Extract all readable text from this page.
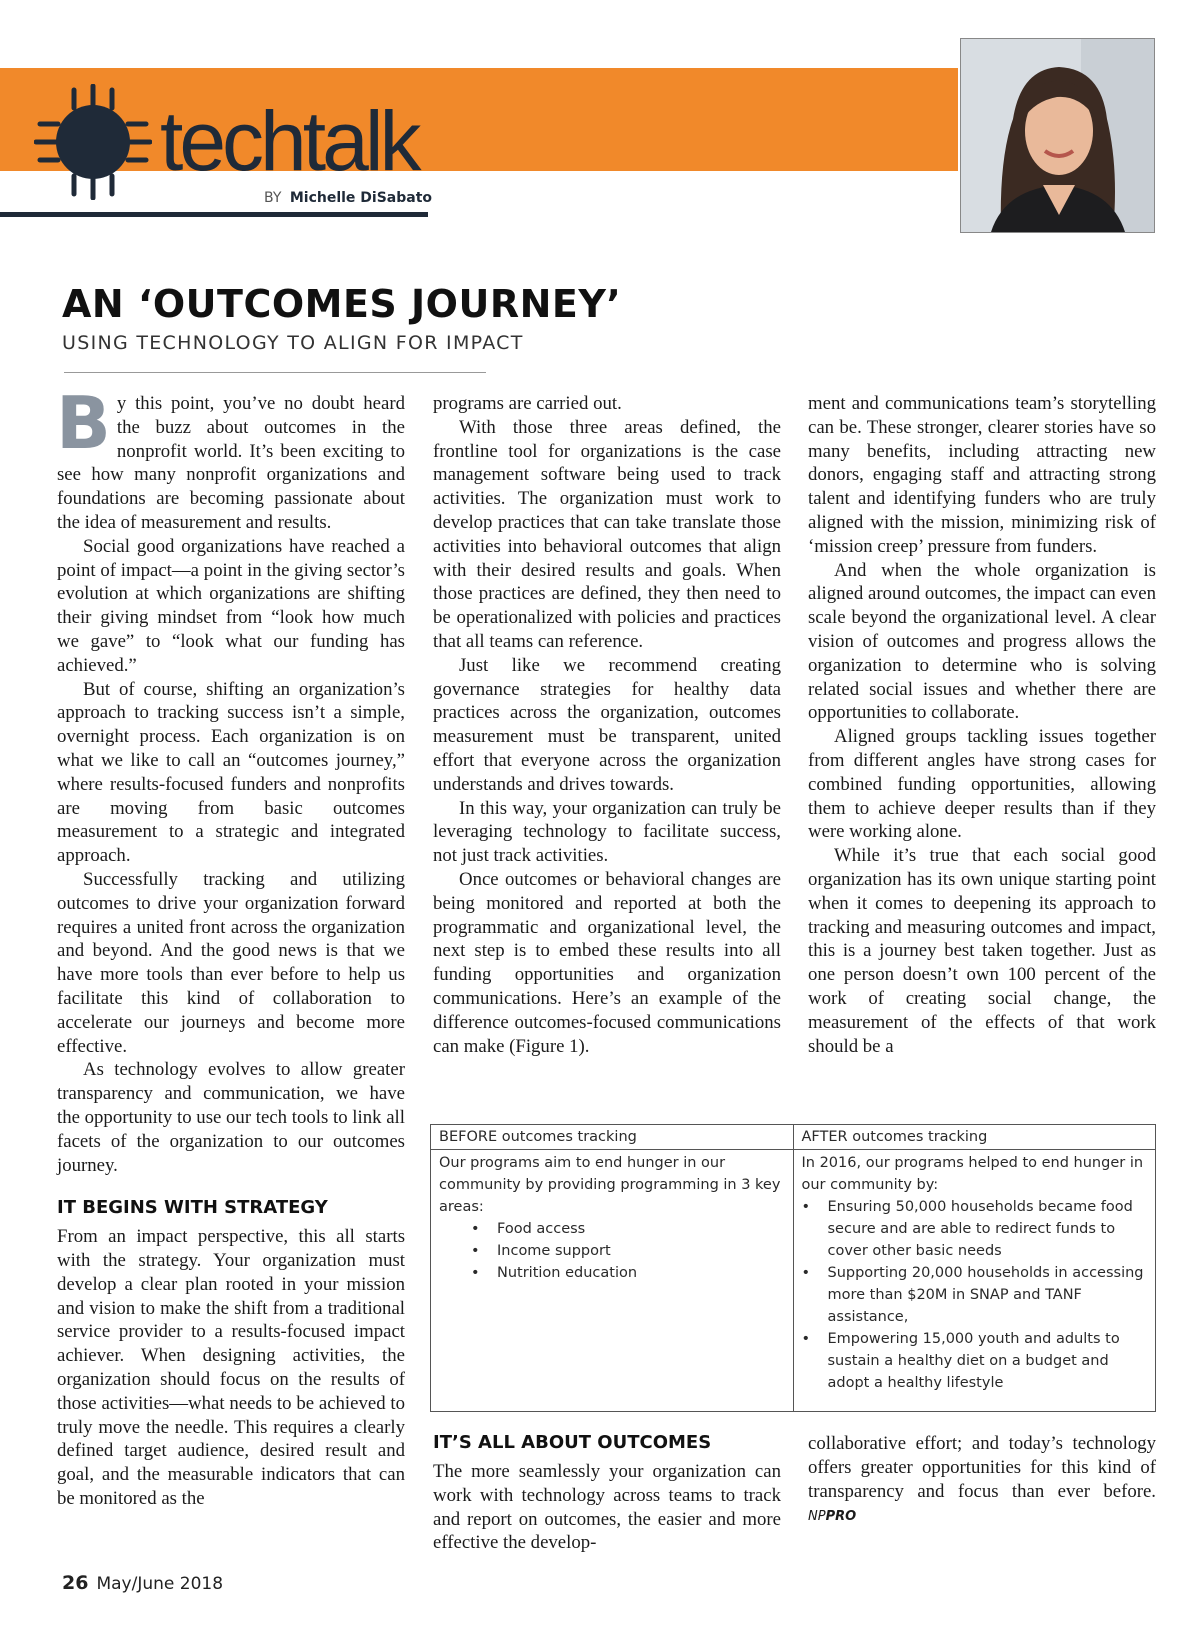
techtalk
BY Michelle DiSabato
AN ‘OUTCOMES JOURNEY’
USING TECHNOLOGY TO ALIGN FOR IMPACT

By this point, you’ve no doubt heard the buzz about outcomes in the nonprofit world. It’s been exciting to see how many nonprofit organizations and foundations are becoming passionate about the idea of measurement and results.

Social good organizations have reached a point of impact—a point in the giving sector’s evolution at which organizations are shifting their giving mindset from “look how much we gave” to “look what our funding has achieved.”

But of course, shifting an organization’s approach to tracking success isn’t a simple, overnight process. Each organization is on what we like to call an “outcomes journey,” where results-focused funders and nonprofits are moving from basic outcomes measurement to a strategic and integrated approach.

Successfully tracking and utilizing outcomes to drive your organization forward requires a united front across the organization and beyond. And the good news is that we have more tools than ever before to help us facilitate this kind of collaboration to accelerate our journeys and become more effective.

As technology evolves to allow greater transparency and communication, we have the opportunity to use our tech tools to link all facets of the organization to our outcomes journey.

IT BEGINS WITH STRATEGY

From an impact perspective, this all starts with the strategy. Your organization must develop a clear plan rooted in your mission and vision to make the shift from a traditional service provider to a results-focused impact achiever. When designing activities, the organization should focus on the results of those activities—what needs to be achieved to truly move the needle. This requires a clearly defined target audience, desired result and goal, and the measurable indicators that can be monitored as the

programs are carried out.

With those three areas defined, the frontline tool for organizations is the case management software being used to track activities. The organization must work to develop practices that can take translate those activities into behavioral outcomes that align with their desired results and goals. When those practices are defined, they then need to be operationalized with policies and practices that all teams can reference.

Just like we recommend creating governance strategies for healthy data practices across the organization, outcomes measurement must be transparent, united effort that everyone across the organization understands and drives towards.

In this way, your organization can truly be leveraging technology to facilitate success, not just track activities.

Once outcomes or behavioral changes are being monitored and reported at both the programmatic and organizational level, the next step is to embed these results into all funding opportunities and organization communications. Here’s an example of the difference outcomes-focused communications can make (Figure 1).

ment and communications team’s storytelling can be. These stronger, clearer stories have so many benefits, including attracting new donors, engaging staff and attracting strong talent and identifying funders who are truly aligned with the mission, minimizing risk of ‘mission creep’ pressure from funders.

And when the whole organization is aligned around outcomes, the impact can even scale beyond the organizational level. A clear vision of outcomes and progress allows the organization to determine who is solving related social issues and whether there are opportunities to collaborate.

Aligned groups tackling issues together from different angles have strong cases for combined funding opportunities, allowing them to achieve deeper results than if they were working alone.

While it’s true that each social good organization has its own unique starting point when it comes to deepening its approach to tracking and measuring outcomes and impact, this is a journey best taken together. Just as one person doesn’t own 100 percent of the work of creating social change, the measurement of the effects of that work should be a

BEFORE outcomes tracking
Our programs aim to end hunger in our community by providing programming in 3 key areas:
• Food access
• Income support
• Nutrition education
AFTER outcomes tracking
In 2016, our programs helped to end hunger in our community by:
• Ensuring 50,000 households became food secure and are able to redirect funds to cover other basic needs
• Supporting 20,000 households in accessing more than $20M in SNAP and TANF assistance,
• Empowering 15,000 youth and adults to sustain a healthy diet on a budget and adopt a healthy lifestyle
IT’S ALL ABOUT OUTCOMES

The more seamlessly your organization can work with technology across teams to track and report on outcomes, the easier and more effective the develop-

collaborative effort; and today’s technology offers greater opportunities for this kind of transparency and focus than ever before. NPPRO

26 May/June 2018
